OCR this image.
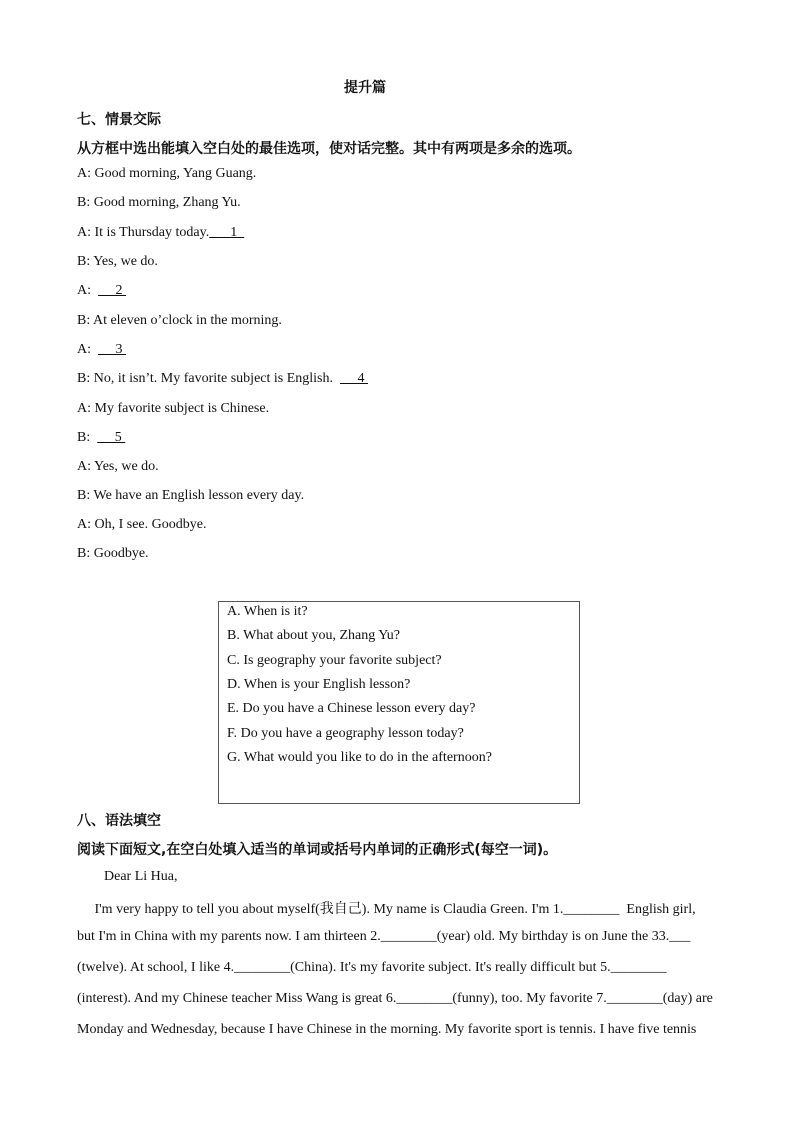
提升篇
七、情景交际
从方框中选出能填入空白处的最佳选项，使对话完整。其中有两项是多余的选项。
A: Good morning, Yang Guang.
B: Good morning, Zhang Yu.
A: It is Thursday today.      1
B: Yes, we do.
A:       2
B: At eleven o’clock in the morning.
A:       3
B: No, it isn’t. My favorite subject is English.       4
A: My favorite subject is Chinese.
B:       5
A: Yes, we do.
B: We have an English lesson every day.
A: Oh, I see. Goodbye.
B: Goodbye.
A. When is it?
B. What about you, Zhang Yu?
C. Is geography your favorite subject?
D. When is your English lesson?
E. Do you have a Chinese lesson every day?
F. Do you have a geography lesson today?
G. What would you like to do in the afternoon?
八、语法填空
阅读下面短文,在空白处填入适当的单词或括号内单词的正确形式(每空一词)。
Dear Li Hua,
I'm very happy to tell you about myself(我自己). My name is Claudia Green. I'm 1.________  English girl,
but I'm in China with my parents now. I am thirteen 2.________(year) old. My birthday is on June the 33.___
(twelve). At school, I like 4.________(China). It's my favorite subject. It's really difficult but 5.________
(interest). And my Chinese teacher Miss Wang is great 6.________(funny), too. My favorite 7.________(day) are
Monday and Wednesday, because I have Chinese in the morning. My favorite sport is tennis. I have five tennis
